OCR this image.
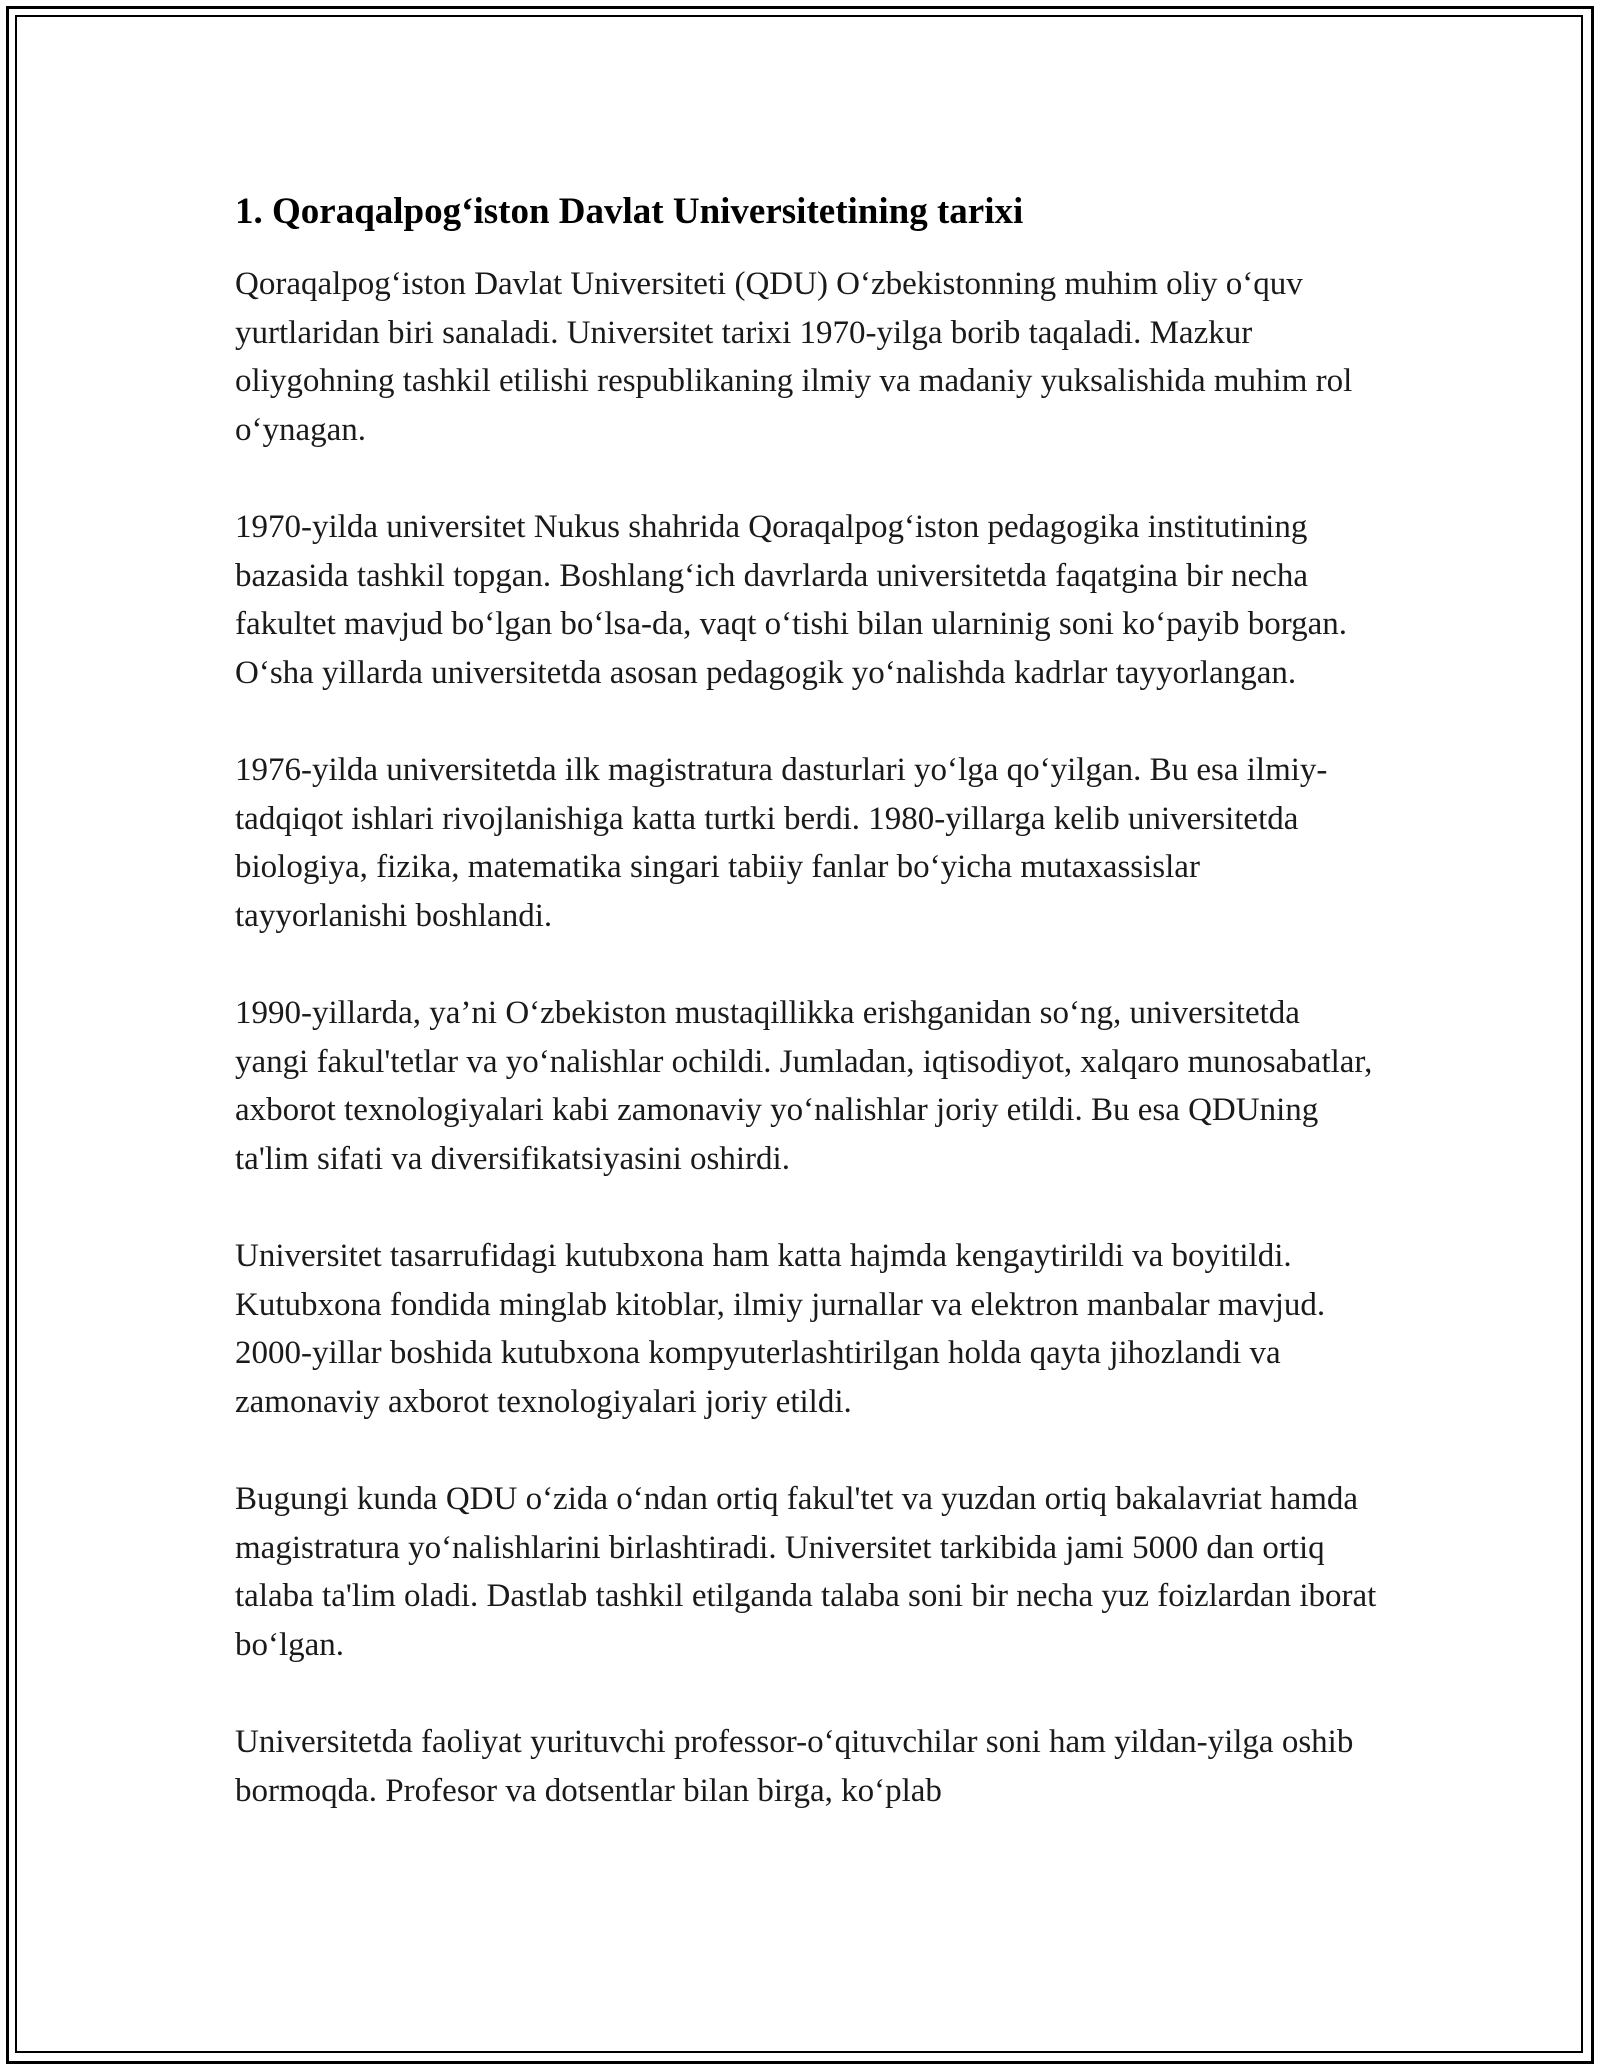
1. Qoraqalpog‘iston Davlat Universitetining tarixi

Qoraqalpog‘iston Davlat Universiteti (QDU) O‘zbekistonning muhim oliy o‘quv yurtlaridan biri sanaladi. Universitet tarixi 1970-yilga borib taqaladi. Mazkur oliygohning tashkil etilishi respublikaning ilmiy va madaniy yuksalishida muhim rol o‘ynagan.

1970-yilda universitet Nukus shahrida Qoraqalpog‘iston pedagogika institutining bazasida tashkil topgan. Boshlang‘ich davrlarda universitetda faqatgina bir necha fakultet mavjud bo‘lgan bo‘lsa-da, vaqt o‘tishi bilan ularninig soni ko‘payib borgan. O‘sha yillarda universitetda asosan pedagogik yo‘nalishda kadrlar tayyorlangan.

1976-yilda universitetda ilk magistratura dasturlari yo‘lga qo‘yilgan. Bu esa ilmiy-tadqiqot ishlari rivojlanishiga katta turtki berdi. 1980-yillarga kelib universitetda biologiya, fizika, matematika singari tabiiy fanlar bo‘yicha mutaxassislar tayyorlanishi boshlandi.

1990-yillarda, ya’ni O‘zbekiston mustaqillikka erishganidan so‘ng, universitetda yangi fakul'tetlar va yo‘nalishlar ochildi. Jumladan, iqtisodiyot, xalqaro munosabatlar, axborot texnologiyalari kabi zamonaviy yo‘nalishlar joriy etildi. Bu esa QDUning ta'lim sifati va diversifikatsiyasini oshirdi.

Universitet tasarrufidagi kutubxona ham katta hajmda kengaytirildi va boyitildi. Kutubxona fondida minglab kitoblar, ilmiy jurnallar va elektron manbalar mavjud. 2000-yillar boshida kutubxona kompyuterlashtirilgan holda qayta jihozlandi va zamonaviy axborot texnologiyalari joriy etildi.

Bugungi kunda QDU o‘zida o‘ndan ortiq fakul'tet va yuzdan ortiq bakalavriat hamda magistratura yo‘nalishlarini birlashtiradi. Universitet tarkibida jami 5000 dan ortiq talaba ta'lim oladi. Dastlab tashkil etilganda talaba soni bir necha yuz foizlardan iborat bo‘lgan.

Universitetda faoliyat yurituvchi professor-o‘qituvchilar soni ham yildan-yilga oshib bormoqda. Profesor va dotsentlar bilan birga, ko‘plab
